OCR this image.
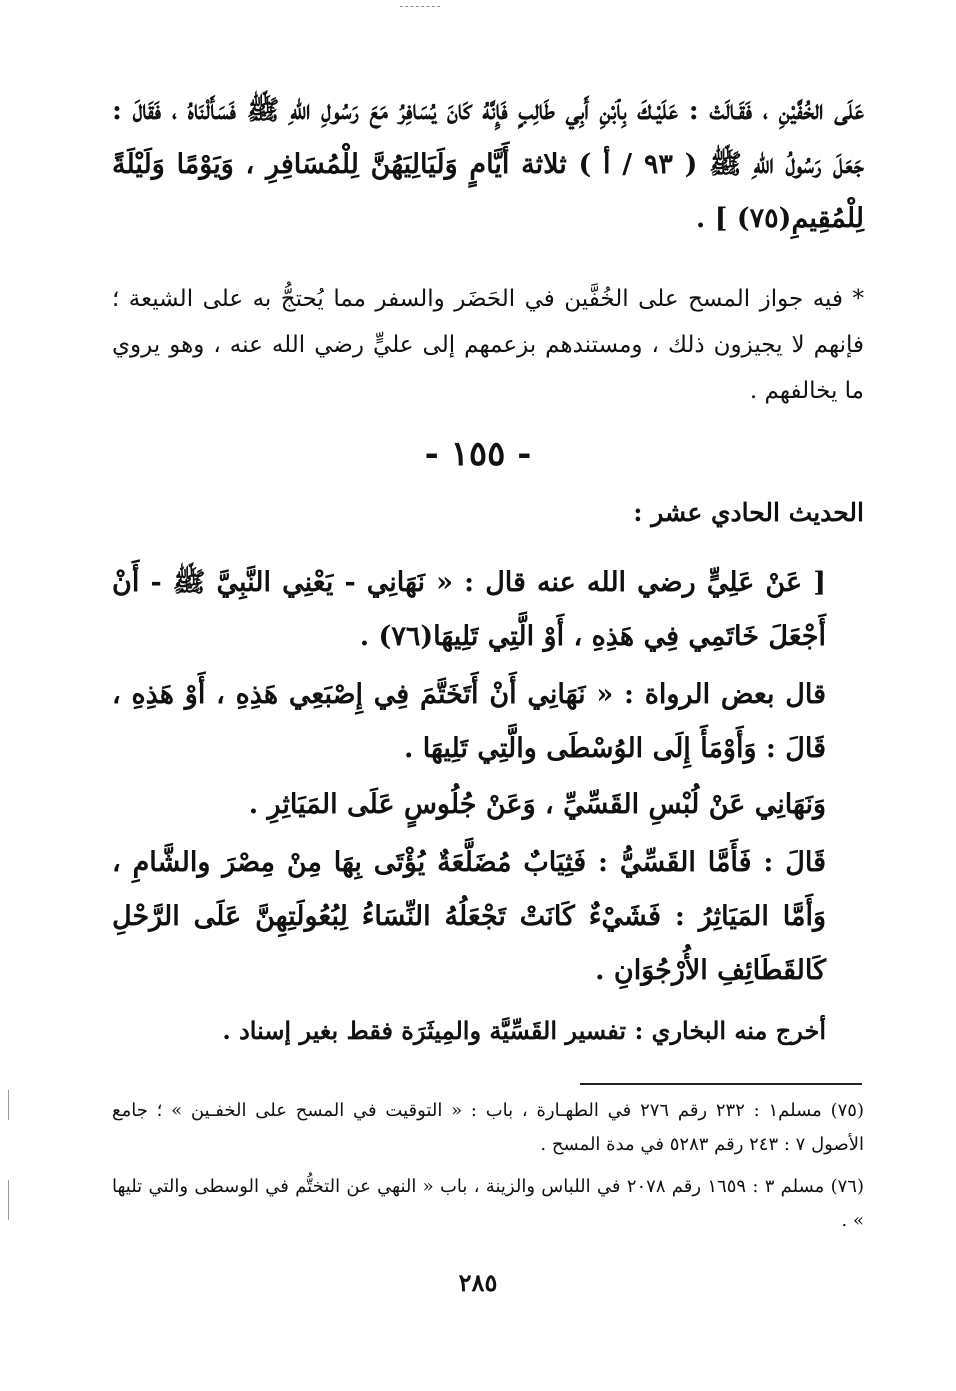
عَلَى الخُفَّيْنِ ، فَقَـالَتْ : عَلَيْـكَ بِٱبْنِ أَبِي طَالِبٍ فَإِنَّهُ كَانَ يُسَافِرُ مَعَ رَسُولِ اللهِ ﷺ فَسَأَلْنَاهُ ، فَقَالَ : جَعَلَ رَسُولُ اللهِ ﷺ ( ٩٣ / أ ) ثلاثة أَيَّامٍ وَلَيَالِيَهُنَّ لِلْمُسَافِرِ ، وَيَوْمًا وَلَيْلَةً لِلْمُقِيمِ(٧٥) ] .

* فيه جواز المسح على الخُفَّين في الحَضَر والسفر مما يُحتجُّ به على الشيعة ؛ فإنهم لا يجيزون ذلك ، ومستندهم بزعمهم إلى عليٍّ رضي الله عنه ، وهو يروي ما يخالفهم .

- ١٥٥ -

الحديث الحادي عشر :

[ عَنْ عَلِيٍّ رضي الله عنه قال : « نَهَانِي - يَعْنِي النَّبِيَّ ﷺ - أَنْ أَجْعَلَ خَاتَمِي فِي هَذِهِ ، أَوْ الَّتِي تَلِيهَا(٧٦) .

قال بعض الرواة : « نَهَانِي أَنْ أَتَخَتَّمَ فِي إِصْبَعِي هَذِهِ ، أَوْ هَذِهِ ، قَالَ : وَأَوْمَأَ إِلَى الوُسْطَى والَّتِي تَلِيهَا .

وَنَهَانِي عَنْ لُبْسِ القَسِّيِّ ، وَعَنْ جُلُوسٍ عَلَى المَيَاثِرِ .

قَالَ : فَأَمَّا القَسِّيُّ : فَثِيَابٌ مُضَلَّعَةٌ يُؤْتَى بِهَا مِنْ مِصْرَ والشَّامِ ، وَأَمَّا المَيَاثِرُ : فَشَيْءٌ كَانَتْ تَجْعَلُهُ النِّسَاءُ لِبُعُولَتِهِنَّ عَلَى الرَّحْلِ كَالقَطَائِفِ الأُرْجُوَانِ .

أخرج منه البخاري : تفسير القَسِّيَّة والمِيثَرَة فقط بغير إسناد .

(٧٥) مسلم١ : ٢٣٢ رقم ٢٧٦ في الطهـارة ، باب : « التوقيت في المسح على الخفـين » ؛ جامع الأصول ٧ : ٢٤٣ رقم ٥٢٨٣ في مدة المسح .

(٧٦) مسلم ٣ : ١٦٥٩ رقم ٢٠٧٨ في اللباس والزينة ، باب « النهي عن التختُّم في الوسطى والتي تليها » .

٢٨٥
